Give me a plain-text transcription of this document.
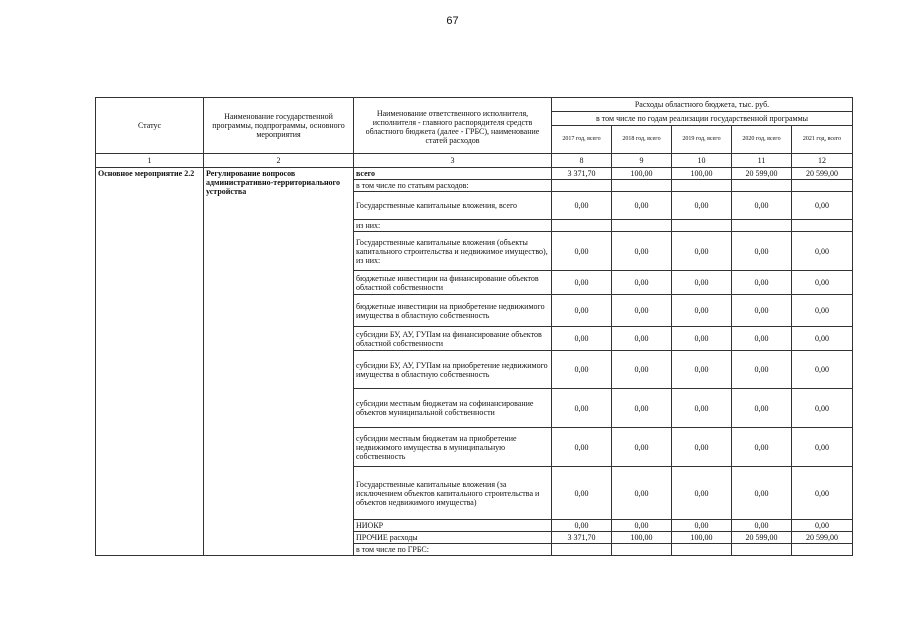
67
Статус	Наименование государственной программы, подпрограммы, основного мероприятия	Наименование ответственного исполнителя, исполнителя - главного распорядителя средств областного бюджета (далее - ГРБС), наименование статей расходов	Расходы областного бюджета, тыс. руб.				
			в том числе по годам реализации государственной программы				
			2017 год, всего	2018 год, всего	2019 год, всего	2020 год, всего	2021 год, всего
1	2	3	8	9	10	11	12
Основное мероприятие 2.2	Регулирование вопросов административно-территориального устройства	всего	3 371,70	100,00	100,00	20 599,00	20 599,00
		в том числе по статьям расходов:					
		Государственные капитальные вложения, всего	0,00	0,00	0,00	0,00	0,00
		из них:					
		Государственные капитальные вложения (объекты капитального строительства и недвижимое имущество), из них:	0,00	0,00	0,00	0,00	0,00
		бюджетные инвестиции на финансирование объектов областной собственности	0,00	0,00	0,00	0,00	0,00
		бюджетные инвестиции на приобретение недвижимого имущества в областную собственность	0,00	0,00	0,00	0,00	0,00
		субсидии БУ, АУ, ГУПам на финансирование объектов областной собственности	0,00	0,00	0,00	0,00	0,00
		субсидии БУ, АУ, ГУПам на приобретение недвижимого имущества в областную собственность	0,00	0,00	0,00	0,00	0,00
		субсидии местным бюджетам на софинансирование объектов муниципальной собственности	0,00	0,00	0,00	0,00	0,00
		субсидии местным бюджетам на приобретение недвижимого имущества в муниципальную собственность	0,00	0,00	0,00	0,00	0,00
		Государственные капитальные вложения (за исключением объектов капитального строительства и объектов недвижимого имущества)	0,00	0,00	0,00	0,00	0,00
		НИОКР	0,00	0,00	0,00	0,00	0,00
		ПРОЧИЕ расходы	3 371,70	100,00	100,00	20 599,00	20 599,00
		в том числе по ГРБС:					
